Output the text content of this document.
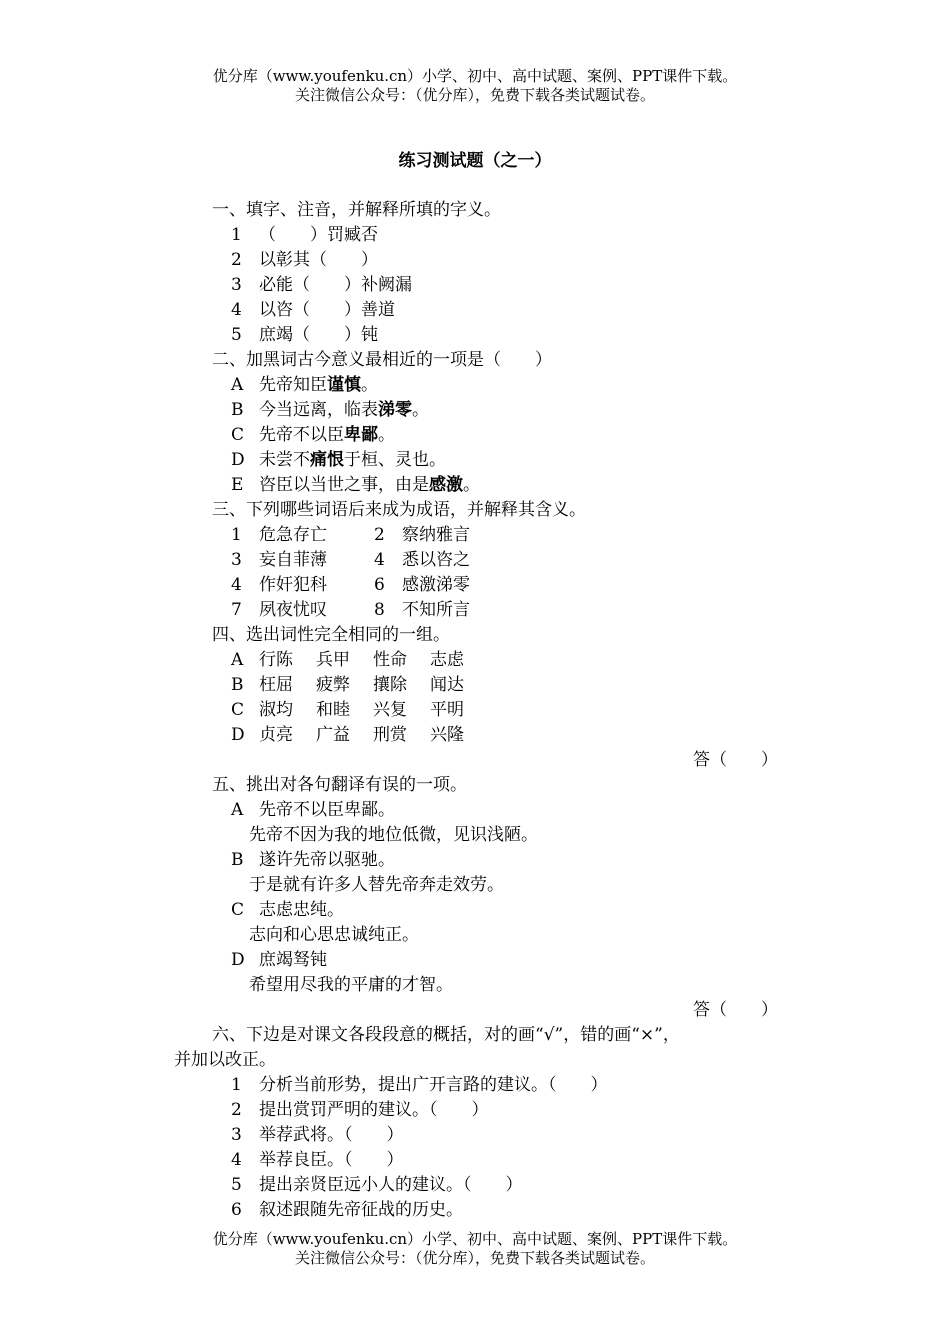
优分库（www.youfenku.cn）小学、初中、高中试题、案例、PPT课件下载。
关注微信公众号：（优分库），免费下载各类试题试卷。
练习测试题（之一）
一、填字、注音，并解释所填的字义。
1 （　　）罚臧否
2 以彰其（　　）
3 必能（　　）补阙漏
4 以咨（　　）善道
5 庶竭（　　）钝
二、加黑词古今意义最相近的一项是（　　）
A 先帝知臣谨慎。
B 今当远离，临表涕零。
C 先帝不以臣卑鄙。
D 未尝不痛恨于桓、灵也。
E 咨臣以当世之事，由是感激。
三、下列哪些词语后来成为成语，并解释其含义。
1 危急存亡	2 察纳雅言
3 妄自菲薄	4 悉以咨之
4 作奸犯科	6 感激涕零
7 夙夜忧叹	8 不知所言
四、选出词性完全相同的一组。
A 行陈 兵甲 性命 志虑
B 枉屈 疲弊 攘除 闻达
C 淑均 和睦 兴复 平明
D 贞亮 广益 刑赏 兴隆
答（　　）
五、挑出对各句翻译有误的一项。
A 先帝不以臣卑鄙。
先帝不因为我的地位低微，见识浅陋。
B 遂许先帝以驱驰。
于是就有许多人替先帝奔走效劳。
C 志虑忠纯。
志向和心思忠诚纯正。
D 庶竭驽钝
希望用尽我的平庸的才智。
答（　　）
六、下边是对课文各段段意的概括，对的画“√”，错的画“×”，
并加以改正。
1 分析当前形势，提出广开言路的建议。（　　）
2 提出赏罚严明的建议。（　　）
3 举荐武将。（　　）
4 举荐良臣。（　　）
5 提出亲贤臣远小人的建议。（　　）
6 叙述跟随先帝征战的历史。
优分库（www.youfenku.cn）小学、初中、高中试题、案例、PPT课件下载。
关注微信公众号：（优分库），免费下载各类试题试卷。
